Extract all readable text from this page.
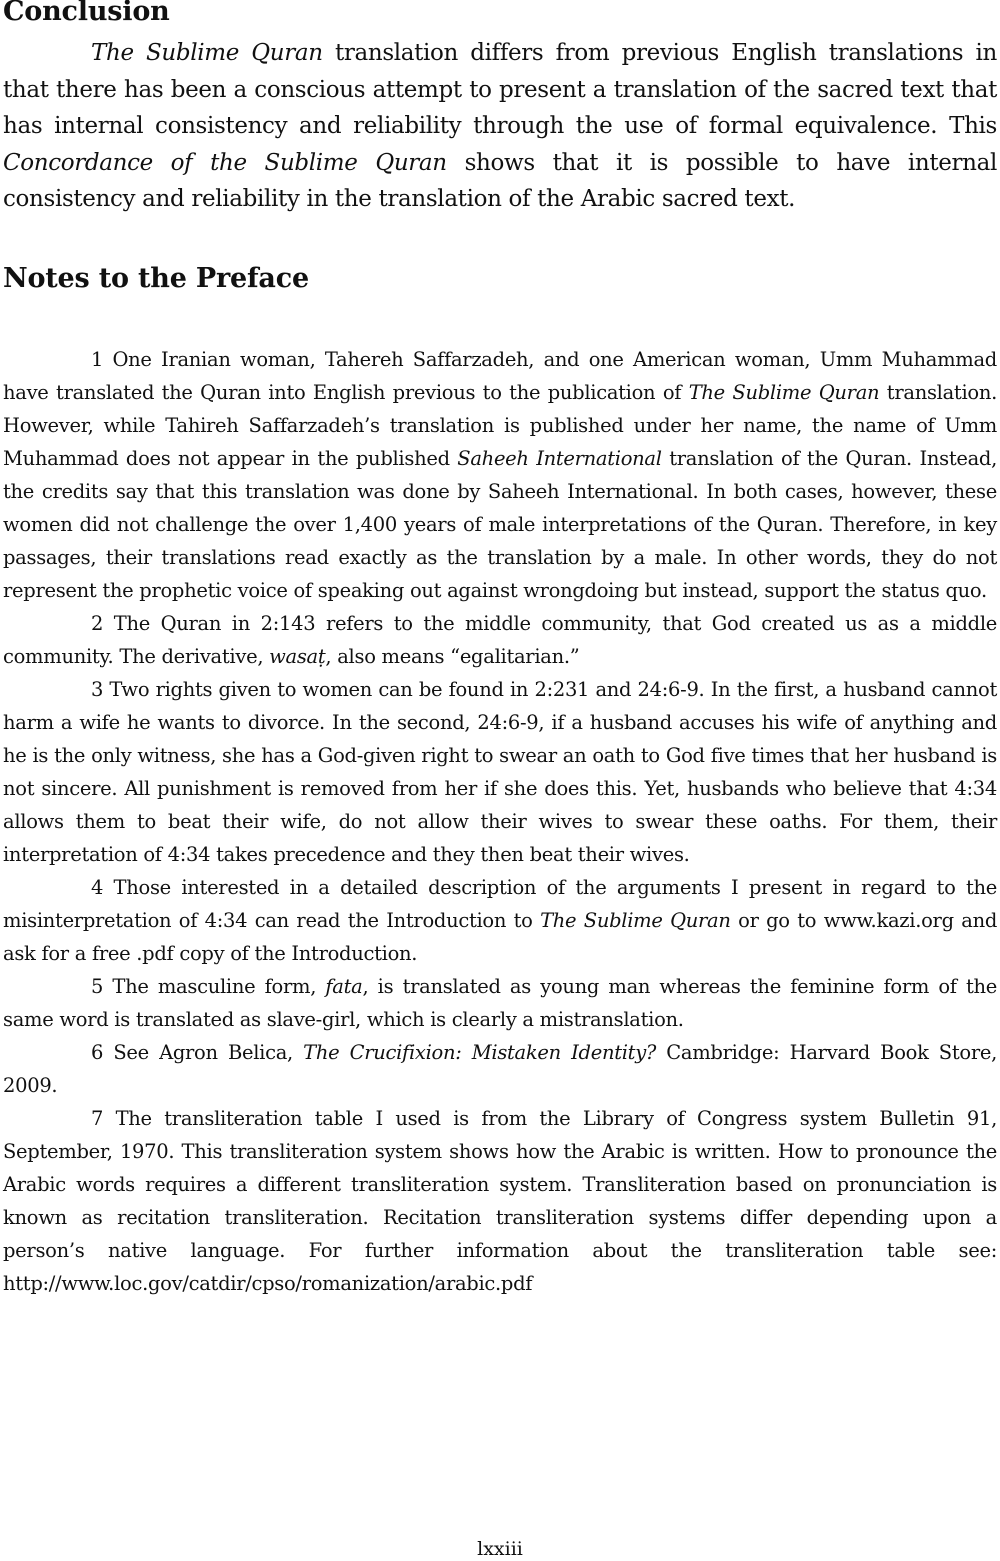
Conclusion

The Sublime Quran translation differs from previous English translations in that there has been a conscious attempt to present a translation of the sacred text that has internal consistency and reliability through the use of formal equivalence. This Concordance of the Sublime Quran shows that it is possible to have internal consistency and reliability in the translation of the Arabic sacred text.

Notes to the Preface

1 One Iranian woman, Tahereh Saffarzadeh, and one American woman, Umm Muhammad have translated the Quran into English previous to the publication of The Sublime Quran translation. However, while Tahireh Saffarzadeh’s translation is published under her name, the name of Umm Muhammad does not appear in the published Saheeh International translation of the Quran. Instead, the credits say that this translation was done by Saheeh International. In both cases, however, these women did not challenge the over 1,400 years of male interpretations of the Quran. Therefore, in key passages, their translations read exactly as the translation by a male. In other words, they do not represent the prophetic voice of speaking out against wrongdoing but instead, support the status quo.

2 The Quran in 2:143 refers to the middle community, that God created us as a middle community. The derivative, wasaṭ, also means “egalitarian.”

3 Two rights given to women can be found in 2:231 and 24:6-9. In the first, a husband cannot harm a wife he wants to divorce. In the second, 24:6-9, if a husband accuses his wife of anything and he is the only witness, she has a God-given right to swear an oath to God five times that her husband is not sincere. All punishment is removed from her if she does this. Yet, husbands who believe that 4:34 allows them to beat their wife, do not allow their wives to swear these oaths. For them, their interpretation of 4:34 takes precedence and they then beat their wives.

4 Those interested in a detailed description of the arguments I present in regard to the misinterpretation of 4:34 can read the Introduction to The Sublime Quran or go to www.kazi.org and ask for a free .pdf copy of the Introduction.

5 The masculine form, fata, is translated as young man whereas the feminine form of the same word is translated as slave-girl, which is clearly a mistranslation.

6 See Agron Belica, The Crucifixion: Mistaken Identity? Cambridge: Harvard Book Store, 2009.

7 The transliteration table I used is from the Library of Congress system Bulletin 91, September, 1970. This transliteration system shows how the Arabic is written. How to pronounce the Arabic words requires a different transliteration system. Transliteration based on pronunciation is known as recitation transliteration. Recitation transliteration systems differ depending upon a person’s native language. For further information about the transliteration table see: http://www.loc.gov/catdir/cpso/romanization/arabic.pdf

lxxiii
